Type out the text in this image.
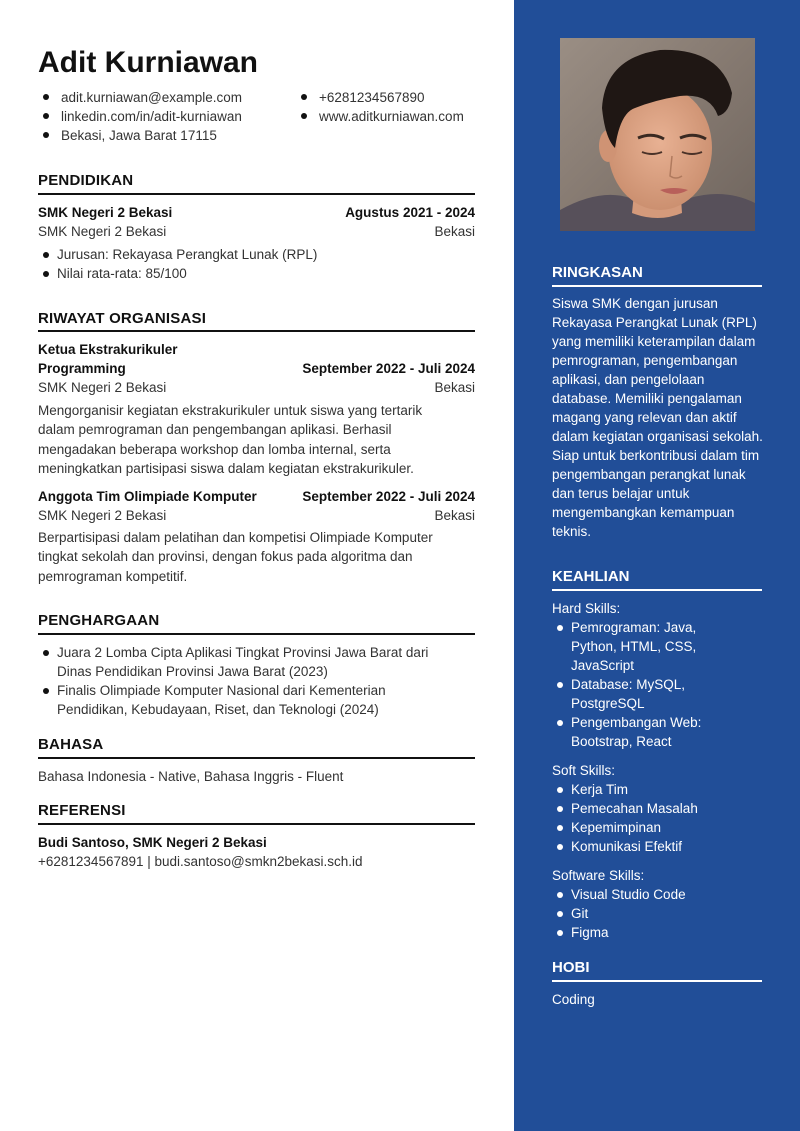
Adit Kurniawan
adit.kurniawan@example.com	+6281234567890
linkedin.com/in/adit-kurniawan	www.aditkurniawan.com
Bekasi, Jawa Barat 17115
PENDIDIKAN
SMK Negeri 2 Bekasi	Agustus 2021 - 2024
SMK Negeri 2 Bekasi	Bekasi
Jurusan: Rekayasa Perangkat Lunak (RPL)
Nilai rata-rata: 85/100
RIWAYAT ORGANISASI
Ketua Ekstrakurikuler
Programming	September 2022 - Juli 2024
SMK Negeri 2 Bekasi	Bekasi
Mengorganisir kegiatan ekstrakurikuler untuk siswa yang tertarik dalam pemrograman dan pengembangan aplikasi. Berhasil mengadakan beberapa workshop dan lomba internal, serta meningkatkan partisipasi siswa dalam kegiatan ekstrakurikuler.
Anggota Tim Olimpiade Komputer	September 2022 - Juli 2024
SMK Negeri 2 Bekasi	Bekasi
Berpartisipasi dalam pelatihan dan kompetisi Olimpiade Komputer tingkat sekolah dan provinsi, dengan fokus pada algoritma dan pemrograman kompetitif.
PENGHARGAAN
Juara 2 Lomba Cipta Aplikasi Tingkat Provinsi Jawa Barat dari Dinas Pendidikan Provinsi Jawa Barat (2023)
Finalis Olimpiade Komputer Nasional dari Kementerian Pendidikan, Kebudayaan, Riset, dan Teknologi (2024)
BAHASA
Bahasa Indonesia - Native, Bahasa Inggris - Fluent
REFERENSI
Budi Santoso, SMK Negeri 2 Bekasi
+6281234567891 | budi.santoso@smkn2bekasi.sch.id
RINGKASAN
Siswa SMK dengan jurusan Rekayasa Perangkat Lunak (RPL) yang memiliki keterampilan dalam pemrograman, pengembangan aplikasi, dan pengelolaan database. Memiliki pengalaman magang yang relevan dan aktif dalam kegiatan organisasi sekolah. Siap untuk berkontribusi dalam tim pengembangan perangkat lunak dan terus belajar untuk mengembangkan kemampuan teknis.
KEAHLIAN
Hard Skills:
Pemrograman: Java, Python, HTML, CSS, JavaScript
Database: MySQL, PostgreSQL
Pengembangan Web: Bootstrap, React
Soft Skills:
Kerja Tim
Pemecahan Masalah
Kepemimpinan
Komunikasi Efektif
Software Skills:
Visual Studio Code
Git
Figma
HOBI
Coding
